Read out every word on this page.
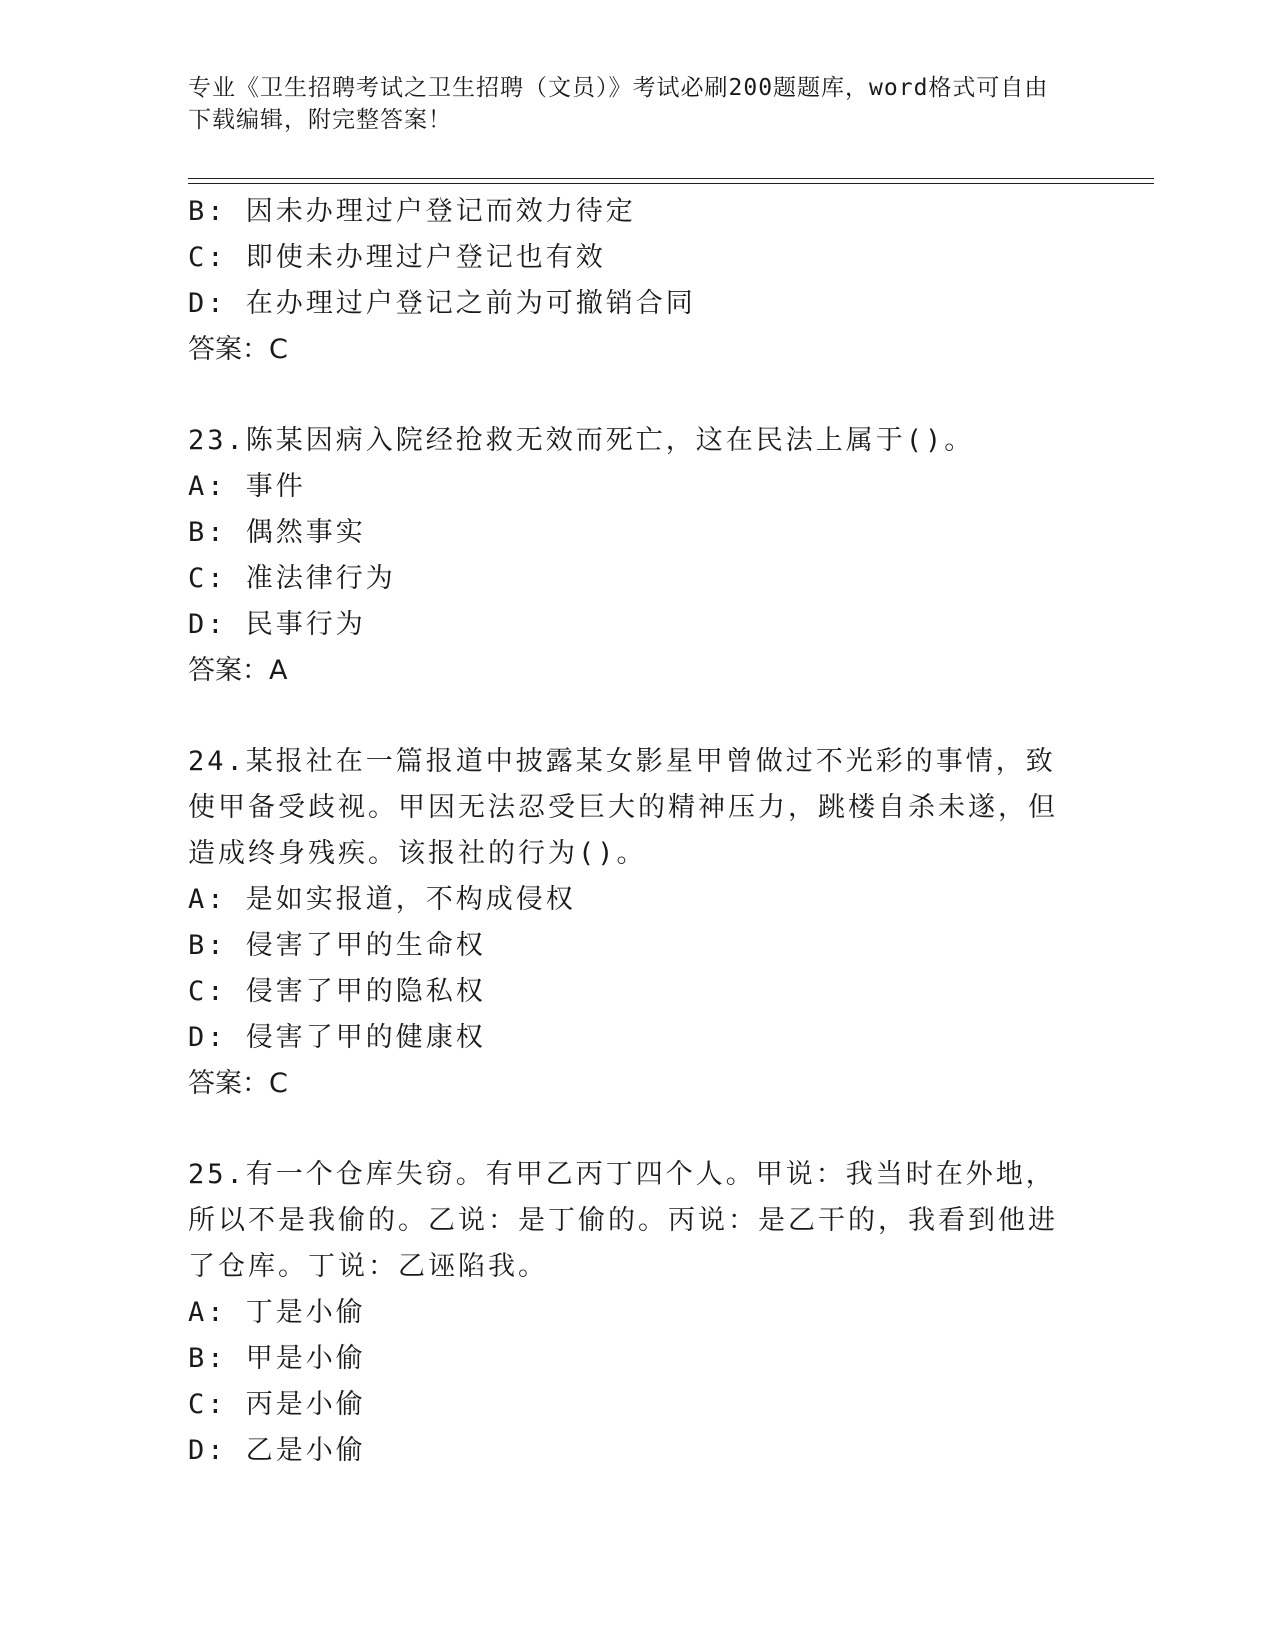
专业《卫生招聘考试之卫生招聘（文员）》考试必刷200题题库，word格式可自由下载编辑，附完整答案！
B: 因未办理过户登记而效力待定
C: 即使未办理过户登记也有效
D: 在办理过户登记之前为可撤销合同
答案：C
23.陈某因病入院经抢救无效而死亡，这在民法上属于()。
A: 事件
B: 偶然事实
C: 准法律行为
D: 民事行为
答案：A
24.某报社在一篇报道中披露某女影星甲曾做过不光彩的事情，致使甲备受歧视。甲因无法忍受巨大的精神压力，跳楼自杀未遂，但造成终身残疾。该报社的行为()。
A: 是如实报道，不构成侵权
B: 侵害了甲的生命权
C: 侵害了甲的隐私权
D: 侵害了甲的健康权
答案：C
25.有一个仓库失窃。有甲乙丙丁四个人。甲说：我当时在外地，所以不是我偷的。乙说：是丁偷的。丙说：是乙干的，我看到他进了仓库。丁说：乙诬陷我。
A: 丁是小偷
B: 甲是小偷
C: 丙是小偷
D: 乙是小偷
